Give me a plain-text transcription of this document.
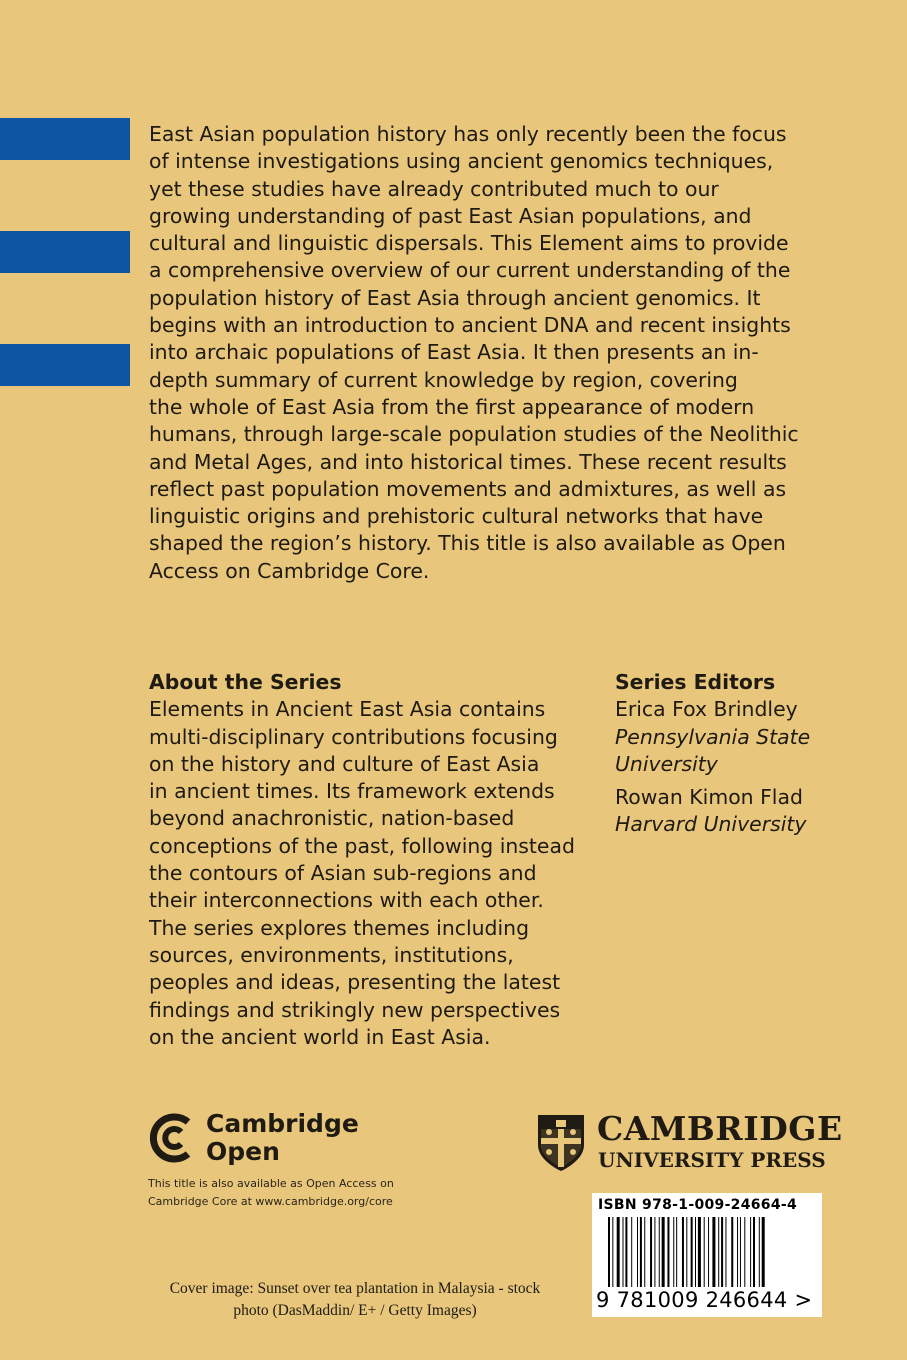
East Asian population history has only recently been the focus
of intense investigations using ancient genomics techniques,
yet these studies have already contributed much to our
growing understanding of past East Asian populations, and
cultural and linguistic dispersals. This Element aims to provide
a comprehensive overview of our current understanding of the
population history of East Asia through ancient genomics. It
begins with an introduction to ancient DNA and recent insights
into archaic populations of East Asia. It then presents an in-
depth summary of current knowledge by region, covering
the whole of East Asia from the first appearance of modern
humans, through large-scale population studies of the Neolithic
and Metal Ages, and into historical times. These recent results
reflect past population movements and admixtures, as well as
linguistic origins and prehistoric cultural networks that have
shaped the region’s history. This title is also available as Open
Access on Cambridge Core.

About the Series
Elements in Ancient East Asia contains
multi-disciplinary contributions focusing
on the history and culture of East Asia
in ancient times. Its framework extends
beyond anachronistic, nation-based
conceptions of the past, following instead
the contours of Asian sub-regions and
their interconnections with each other.
The series explores themes including
sources, environments, institutions,
peoples and ideas, presenting the latest
findings and strikingly new perspectives
on the ancient world in East Asia.
Series Editors
Erica Fox Brindley
Pennsylvania State
University
Rowan Kimon Flad
Harvard University
Cambridge
Open
This title is also available as Open Access on
Cambridge Core at www.cambridge.org/core
CAMBRIDGE
UNIVERSITY PRESS
ISBN 978-1-009-24664-4
9 781009 246644 >
Cover image: Sunset over tea plantation in Malaysia - stock
photo (DasMaddin/ E+ / Getty Images)
